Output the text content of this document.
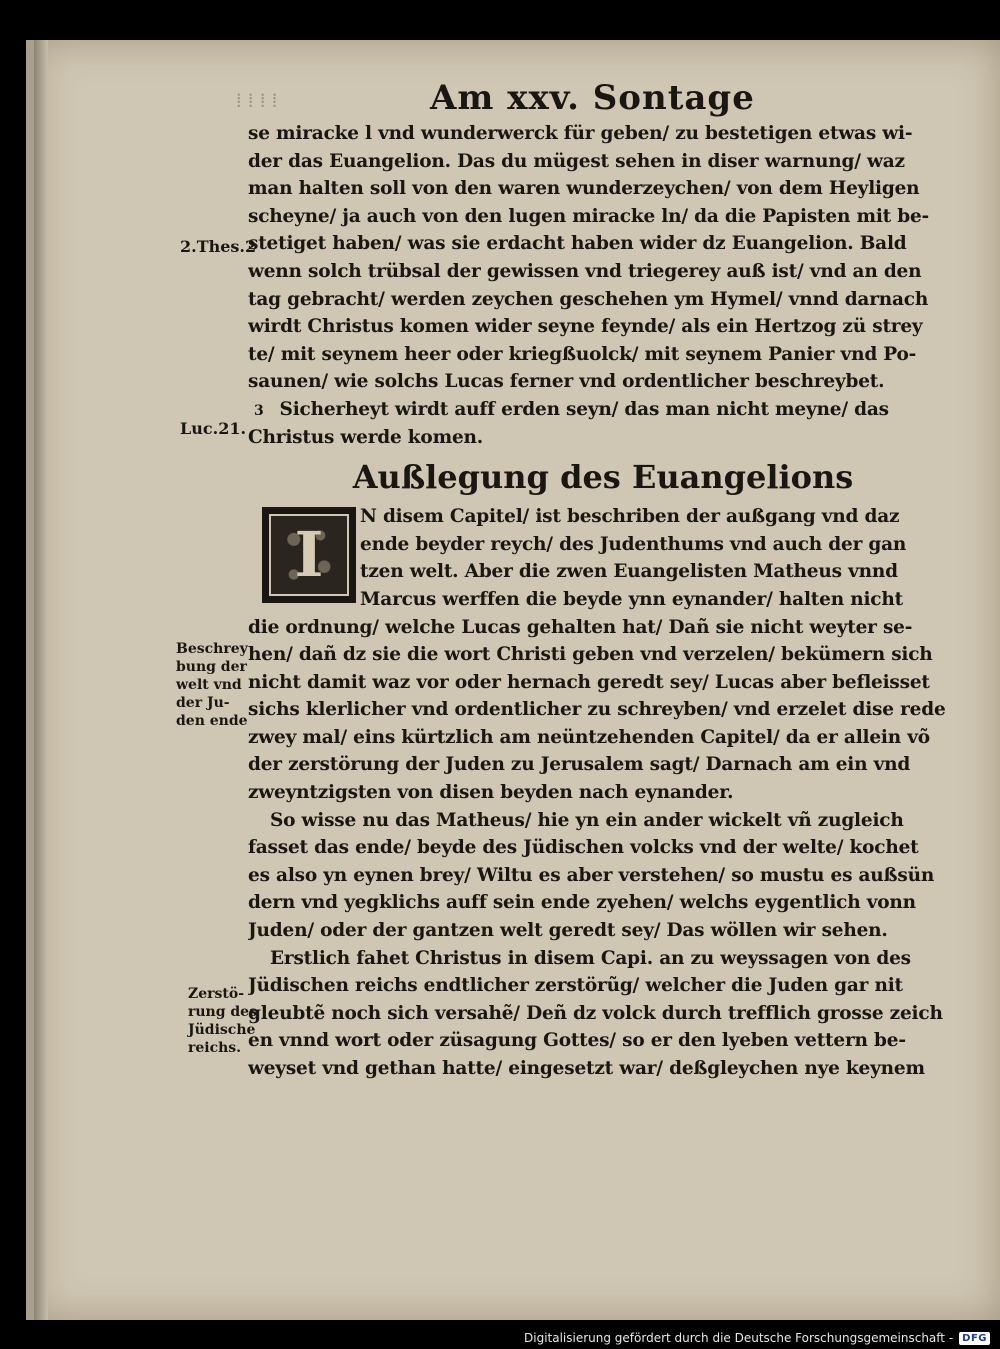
⁞ ⁞ ⁞ ⁞	Am xxv. Sontage
se miracke l vnd wunderwerck für geben/ zu bestetigen etwas wi-
der das Euangelion. Das du mügest sehen in diser warnung/ waz
man halten soll von den waren wunderzeychen/ von dem Heyligen
scheyne/ ja auch von den lugen miracke ln/ da die Papisten mit be-
stetiget haben/ was sie erdacht haben wider dz Euangelion. Bald
wenn solch trübsal der gewissen vnd triegerey auß ist/ vnd an den
tag gebracht/ werden zeychen geschehen ym Hymel/ vnnd darnach
wirdt Christus komen wider seyne feynde/ als ein Hertzog zü strey
te/ mit seynem heer oder kriegßuolck/ mit seynem Panier vnd Po-
saunen/ wie solchs Lucas ferner vnd ordentlicher beschreybet.
3 Sicherheyt wirdt auff erden seyn/ das man nicht meyne/ das
Christus werde komen.
Außlegung des Euangelions
I
N disem Capitel/ ist beschriben der außgang vnd daz
ende beyder reych/ des Judenthums vnd auch der gan
tzen welt. Aber die zwen Euangelisten Matheus vnnd
Marcus werffen die beyde ynn eynander/ halten nicht
die ordnung/ welche Lucas gehalten hat/ Dañ sie nicht weyter se-
hen/ dañ dz sie die wort Christi geben vnd verzelen/ bekümern sich
nicht damit waz vor oder hernach geredt sey/ Lucas aber befleisset
sichs klerlicher vnd ordentlicher zu schreyben/ vnd erzelet dise rede
zwey mal/ eins kürtzlich am neüntzehenden Capitel/ da er allein võ
der zerstörung der Juden zu Jerusalem sagt/ Darnach am ein vnd
zweyntzigsten von disen beyden nach eynander.
So wisse nu das Matheus/ hie yn ein ander wickelt vñ zugleich
fasset das ende/ beyde des Jüdischen volcks vnd der welte/ kochet
es also yn eynen brey/ Wiltu es aber verstehen/ so mustu es außsün
dern vnd yegklichs auff sein ende zyehen/ welchs eygentlich vonn
Juden/ oder der gantzen welt geredt sey/ Das wöllen wir sehen.
Erstlich fahet Christus in disem Capi. an zu weyssagen von des
Jüdischen reichs endtlicher zerstörũg/ welcher die Juden gar nit
gleubtẽ noch sich versahẽ/ Deñ dz volck durch trefflich grosse zeich
en vnnd wort oder züsagung Gottes/ so er den lyeben vettern be-
weyset vnd gethan hatte/ eingesetzt war/ deßgleychen nye keynem
2.Thes.2
Luc.21.
Beschrey
bung der
welt vnd
der Ju-
den ende
Zerstö-
rung des
Jüdische
reichs.
Digitalisierung gefördert durch die Deutsche Forschungsgemeinschaft - DFG
